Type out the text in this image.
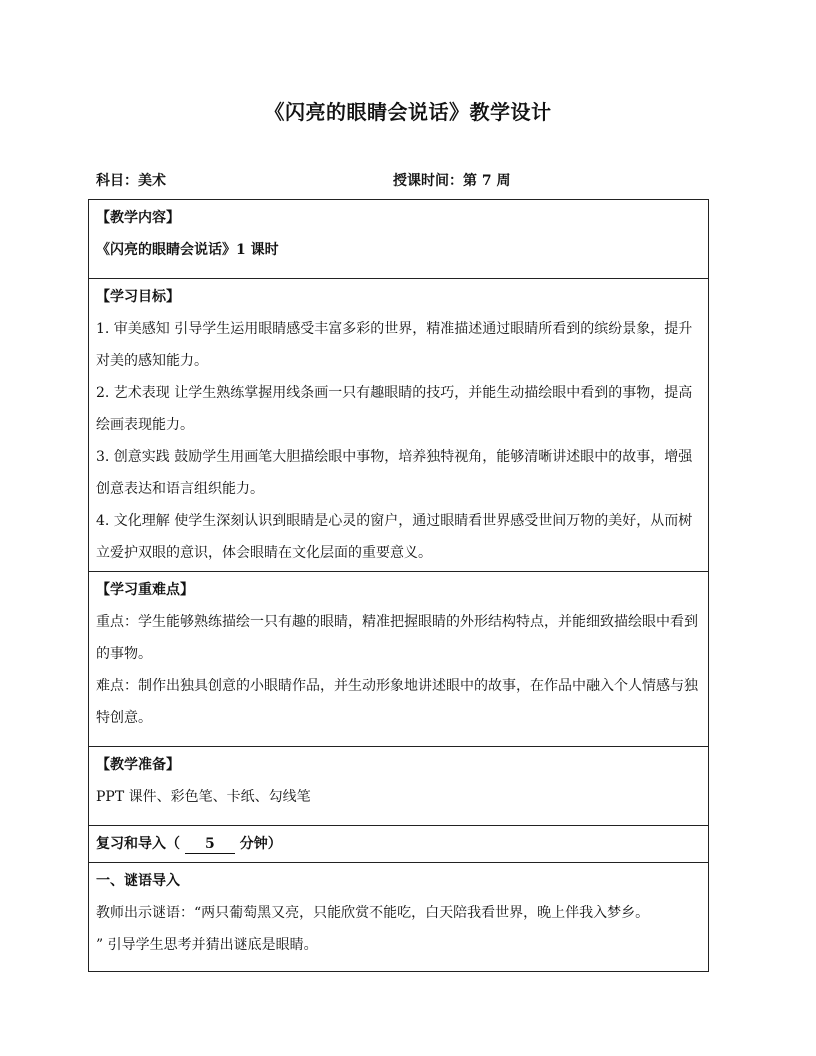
《闪亮的眼睛会说话》教学设计
科目：美术	授课时间：第 7 周
【教学内容】
《闪亮的眼睛会说话》1 课时

【学习目标】
1. 审美感知 引导学生运用眼睛感受丰富多彩的世界，精准描述通过眼睛所看到的缤纷景象，提升对美的感知能力。
2. 艺术表现 让学生熟练掌握用线条画一只有趣眼睛的技巧，并能生动描绘眼中看到的事物，提高绘画表现能力。
3. 创意实践 鼓励学生用画笔大胆描绘眼中事物，培养独特视角，能够清晰讲述眼中的故事，增强创意表达和语言组织能力。
4. 文化理解 使学生深刻认识到眼睛是心灵的窗户，通过眼睛看世界感受世间万物的美好，从而树立爱护双眼的意识，体会眼睛在文化层面的重要意义。

【学习重难点】
重点：学生能够熟练描绘一只有趣的眼睛，精准把握眼睛的外形结构特点，并能细致描绘眼中看到的事物。
难点：制作出独具创意的小眼睛作品，并生动形象地讲述眼中的故事，在作品中融入个人情感与独特创意。

【教学准备】
PPT 课件、彩色笔、卡纸、勾线笔

复习和导入（ 5 分钟）

一、谜语导入
教师出示谜语：“两只葡萄黑又亮，只能欣赏不能吃，白天陪我看世界，晚上伴我入梦乡。
” 引导学生思考并猜出谜底是眼睛。
